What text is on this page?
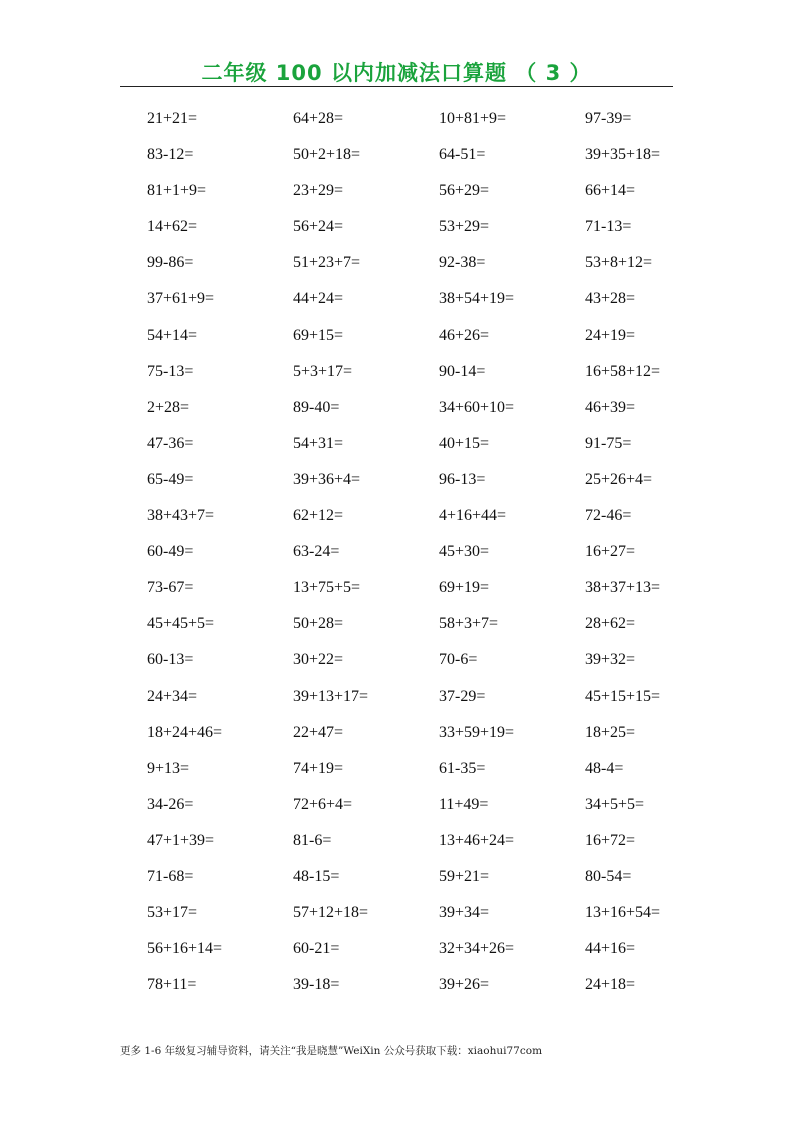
二年级 100 以内加减法口算题 （ 3 ）
21+21=	64+28=	10+81+9=	97-39=
83-12=	50+2+18=	64-51=	39+35+18=
81+1+9=	23+29=	56+29=	66+14=
14+62=	56+24=	53+29=	71-13=
99-86=	51+23+7=	92-38=	53+8+12=
37+61+9=	44+24=	38+54+19=	43+28=
54+14=	69+15=	46+26=	24+19=
75-13=	5+3+17=	90-14=	16+58+12=
2+28=	89-40=	34+60+10=	46+39=
47-36=	54+31=	40+15=	91-75=
65-49=	39+36+4=	96-13=	25+26+4=
38+43+7=	62+12=	4+16+44=	72-46=
60-49=	63-24=	45+30=	16+27=
73-67=	13+75+5=	69+19=	38+37+13=
45+45+5=	50+28=	58+3+7=	28+62=
60-13=	30+22=	70-6=	39+32=
24+34=	39+13+17=	37-29=	45+15+15=
18+24+46=	22+47=	33+59+19=	18+25=
9+13=	74+19=	61-35=	48-4=
34-26=	72+6+4=	11+49=	34+5+5=
47+1+39=	81-6=	13+46+24=	16+72=
71-68=	48-15=	59+21=	80-54=
53+17=	57+12+18=	39+34=	13+16+54=
56+16+14=	60-21=	32+34+26=	44+16=
78+11=	39-18=	39+26=	24+18=
更多 1-6 年级复习辅导资料，请关注“我是晓慧”WeiXin 公众号获取下载：xiaohui77com
